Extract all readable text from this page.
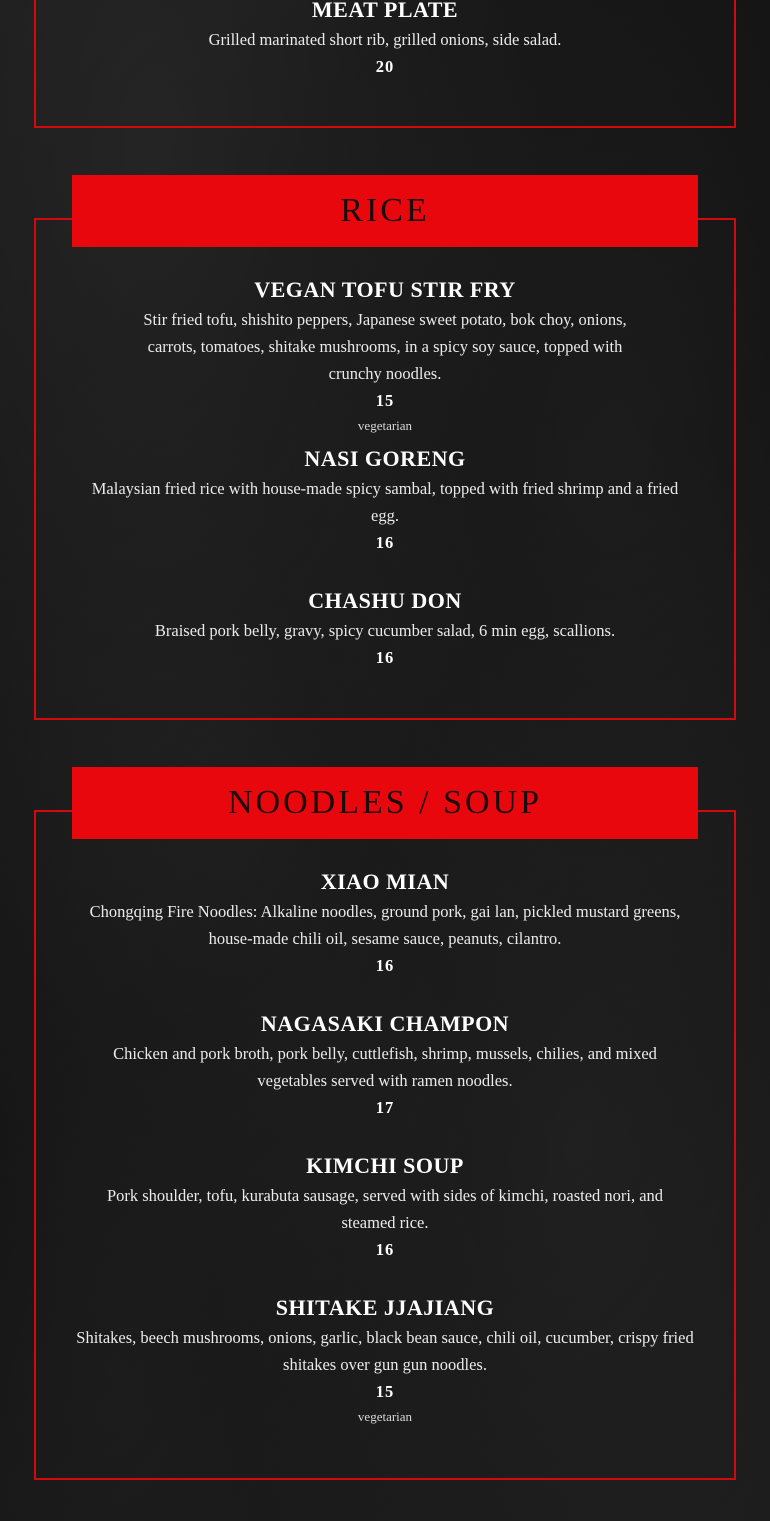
MEAT PLATE

Grilled marinated short rib, grilled onions, side salad.

20

RICE
VEGAN TOFU STIR FRY

Stir fried tofu, shishito peppers, Japanese sweet potato, bok choy, onions, carrots, tomatoes, shitake mushrooms, in a spicy soy sauce, topped with crunchy noodles.

15

vegetarian

NASI GORENG

Malaysian fried rice with house-made spicy sambal, topped with fried shrimp and a fried egg.

16

CHASHU DON

Braised pork belly, gravy, spicy cucumber salad, 6 min egg, scallions.

16

NOODLES / SOUP
XIAO MIAN

Chongqing Fire Noodles: Alkaline noodles, ground pork, gai lan, pickled mustard greens, house-made chili oil, sesame sauce, peanuts, cilantro.

16

NAGASAKI CHAMPON

Chicken and pork broth, pork belly, cuttlefish, shrimp, mussels, chilies, and mixed vegetables served with ramen noodles.

17

KIMCHI SOUP

Pork shoulder, tofu, kurabuta sausage, served with sides of kimchi, roasted nori, and steamed rice.

16

SHITAKE JJAJIANG

Shitakes, beech mushrooms, onions, garlic, black bean sauce, chili oil, cucumber, crispy fried shitakes over gun gun noodles.

15

vegetarian
